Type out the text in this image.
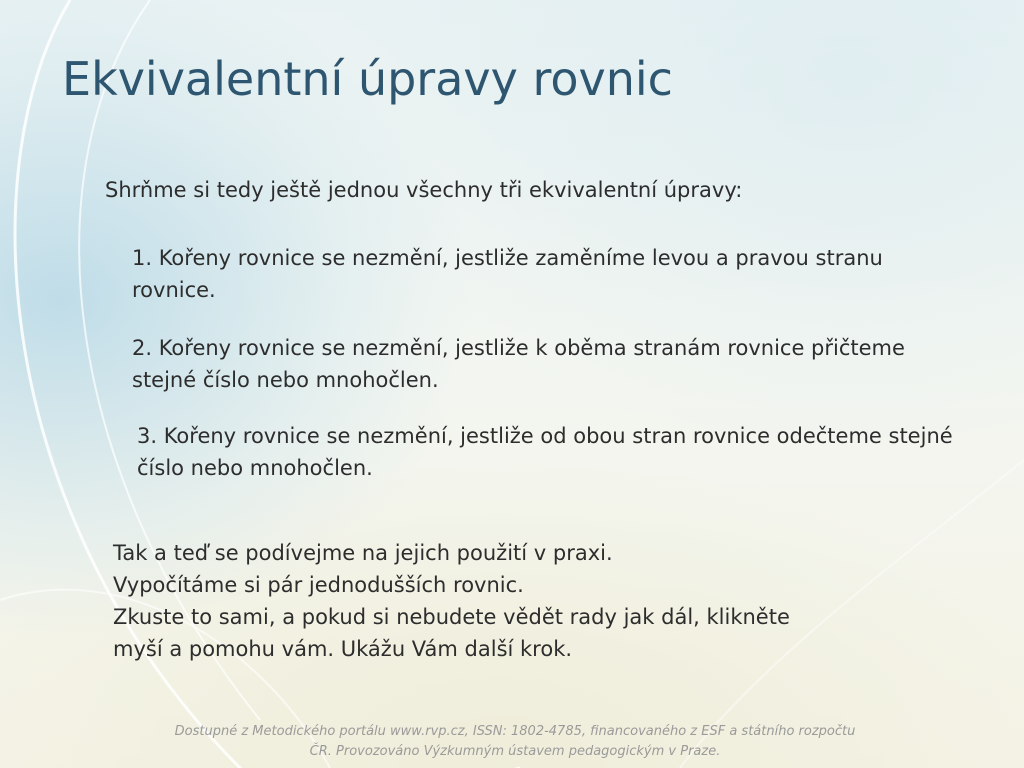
Ekvivalentní úpravy rovnic

Shrňme si tedy ještě jednou všechny tři ekvivalentní úpravy:

1. Kořeny rovnice se nezmění, jestliže zaměníme levou a pravou stranu rovnice.

2. Kořeny rovnice se nezmění, jestliže k oběma stranám rovnice přičteme stejné číslo nebo mnohočlen.

3. Kořeny rovnice se nezmění, jestliže od obou stran rovnice odečteme stejné číslo nebo mnohočlen.

Tak a teď se podívejme na jejich použití v praxi.
Vypočítáme si pár jednodušších rovnic.
Zkuste to sami, a pokud si nebudete vědět rady jak dál, klikněte
myší a pomohu vám. Ukážu Vám další krok.
Dostupné z Metodického portálu www.rvp.cz, ISSN: 1802-4785, financovaného z ESF a státního rozpočtu
ČR. Provozováno Výzkumným ústavem pedagogickým v Praze.
